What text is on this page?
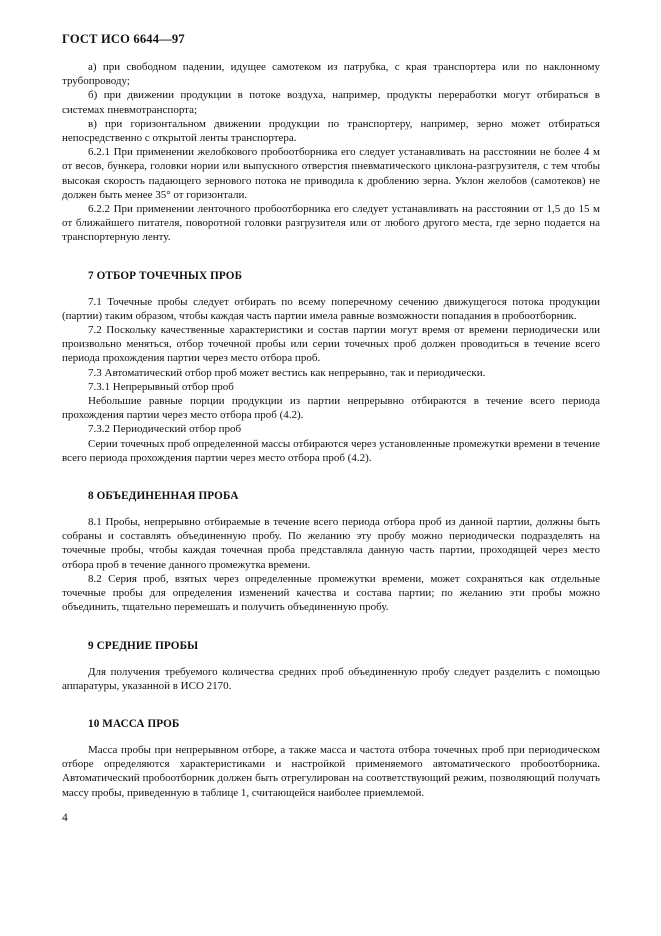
ГОСТ ИСО 6644—97

а) при свободном падении, идущее самотеком из патрубка, с края транспортера или по наклонному трубопроводу;

б) при движении продукции в потоке воздуха, например, продукты переработки могут отбираться в системах пневмотранспорта;

в) при горизонтальном движении продукции по транспортеру, например, зерно может отбираться непосредственно с открытой ленты транспортера.

6.2.1 При применении желобкового пробоотборника его следует устанавливать на расстоянии не более 4 м от весов, бункера, головки нории или выпускного отверстия пневматического циклона-разгрузителя, с тем чтобы высокая скорость падающего зернового потока не приводила к дроблению зерна. Уклон желобов (самотеков) не должен быть менее 35° от горизонтали.

6.2.2 При применении ленточного пробоотборника его следует устанавливать на расстоянии от 1,5 до 15 м от ближайшего питателя, поворотной головки разгрузителя или от любого другого места, где зерно подается на транспортерную ленту.

7 ОТБОР ТОЧЕЧНЫХ ПРОБ

7.1 Точечные пробы следует отбирать по всему поперечному сечению движущегося потока продукции (партии) таким образом, чтобы каждая часть партии имела равные возможности попадания в пробоотборник.

7.2 Поскольку качественные характеристики и состав партии могут время от времени периодически или произвольно меняться, отбор точечной пробы или серии точечных проб должен проводиться в течение всего периода прохождения партии через место отбора проб.

7.3 Автоматический отбор проб может вестись как непрерывно, так и периодически.

7.3.1 Непрерывный отбор проб

Небольшие равные порции продукции из партии непрерывно отбираются в течение всего периода прохождения партии через место отбора проб (4.2).

7.3.2 Периодический отбор проб

Серии точечных проб определенной массы отбираются через установленные промежутки времени в течение всего периода прохождения партии через место отбора проб (4.2).

8 ОБЪЕДИНЕННАЯ ПРОБА

8.1 Пробы, непрерывно отбираемые в течение всего периода отбора проб из данной партии, должны быть собраны и составлять объединенную пробу. По желанию эту пробу можно периодически подразделять на точечные пробы, чтобы каждая точечная проба представляла данную часть партии, проходящей через место отбора проб в течение данного промежутка времени.

8.2 Серия проб, взятых через определенные промежутки времени, может сохраняться как отдельные точечные пробы для определения изменений качества и состава партии; по желанию эти пробы можно объединить, тщательно перемешать и получить объединенную пробу.

9 СРЕДНИЕ ПРОБЫ

Для получения требуемого количества средних проб объединенную пробу следует разделить с помощью аппаратуры, указанной в ИСО 2170.

10 МАССА ПРОБ

Масса пробы при непрерывном отборе, а также масса и частота отбора точечных проб при периодическом отборе определяются характеристиками и настройкой применяемого автоматического пробоотборника. Автоматический пробоотборник должен быть отрегулирован на соответствующий режим, позволяющий получать массу пробы, приведенную в таблице 1, считающейся наиболее приемлемой.

4
